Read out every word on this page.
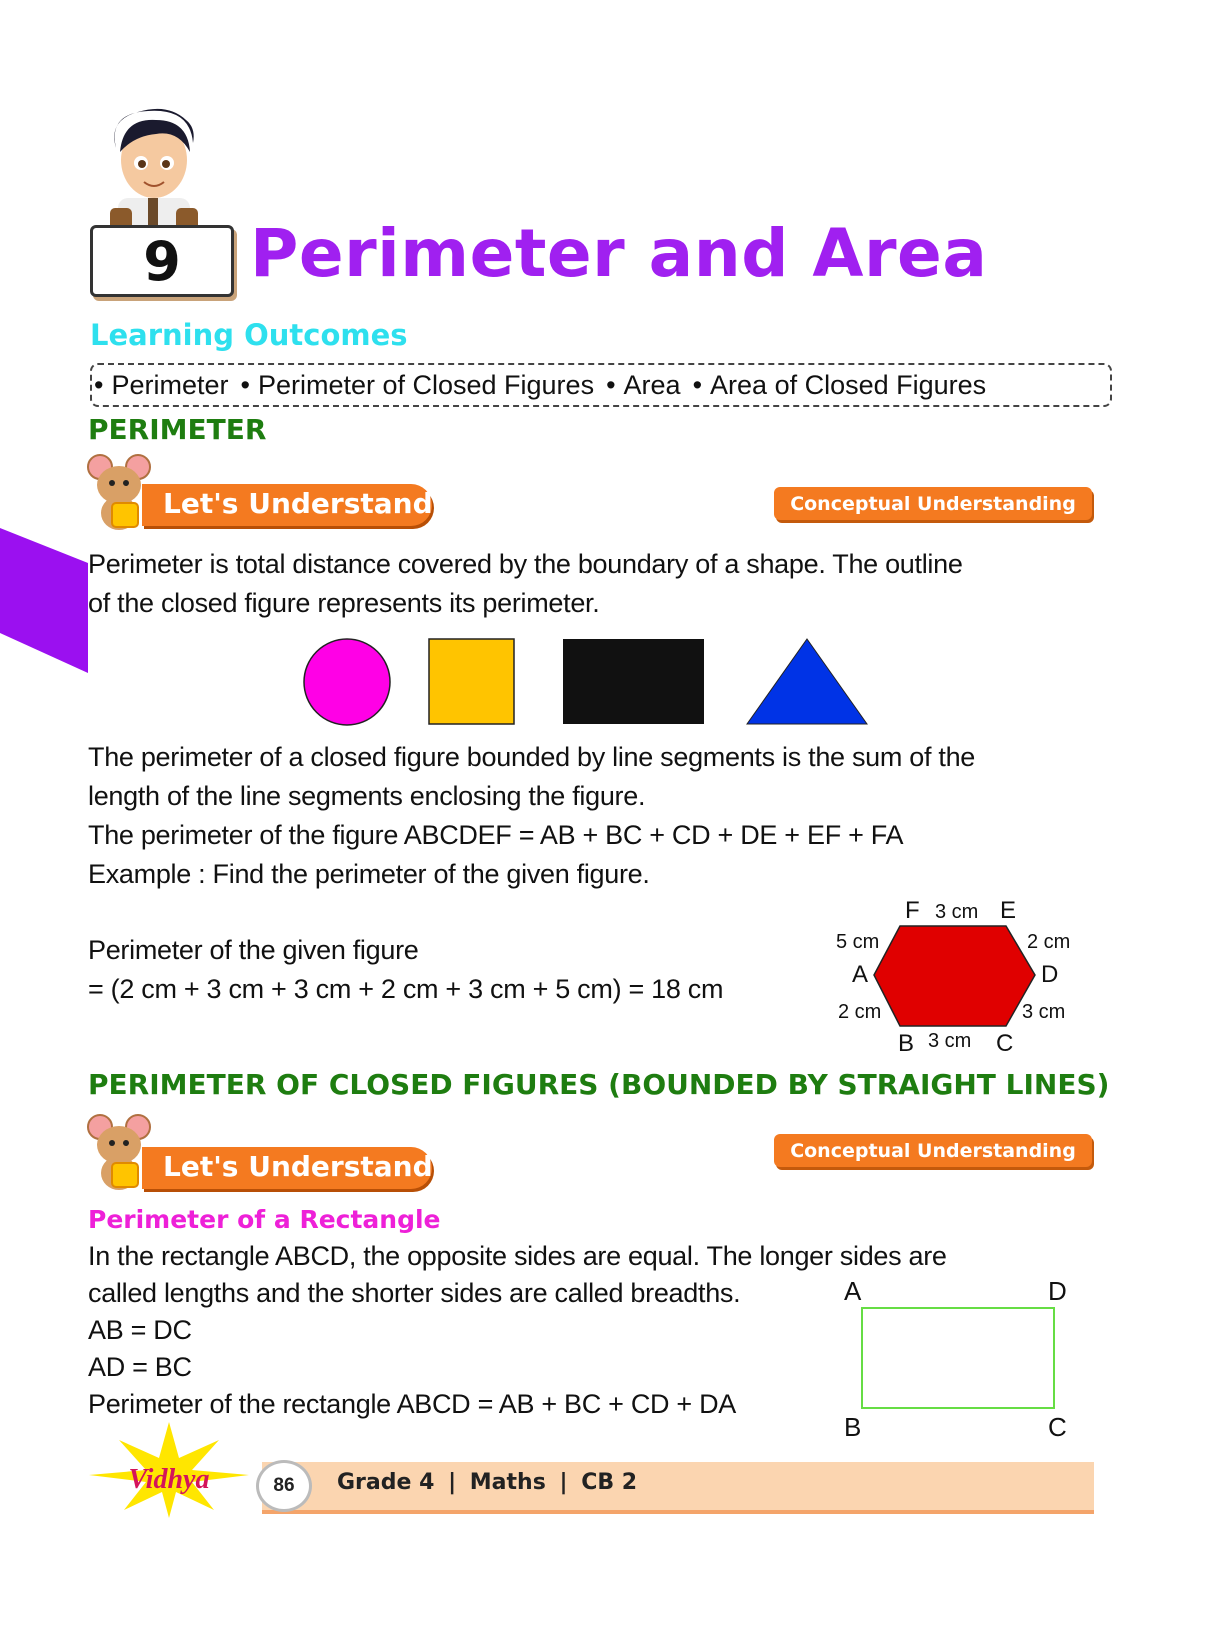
9 Perimeter and Area
Learning Outcomes
• Perimeter	• Perimeter of Closed Figures	• Area	• Area of Closed Figures
PERIMETER
Let's Understand	Conceptual Understanding

Perimeter is total distance covered by the boundary of a shape. The outline

of the closed figure represents its perimeter.

The perimeter of a closed figure bounded by line segments is the sum of the

length of the line segments enclosing the figure.

The perimeter of the figure ABCDEF = AB + BC + CD + DE + EF + FA

Example : Find the perimeter of the given figure.

Perimeter of the given figure

= (2 cm + 3 cm + 3 cm + 2 cm + 3 cm + 5 cm) = 18 cm

F	E
D
C
B
A
3 cm
2 cm
3 cm
3 cm
2 cm
5 cm
PERIMETER OF CLOSED FIGURES (BOUNDED BY STRAIGHT LINES)
Let's Understand	Conceptual Understanding
Perimeter of a Rectangle

In the rectangle ABCD, the opposite sides are equal. The longer sides are

called lengths and the shorter sides are called breadths.

AB = DC

AD = BC

Perimeter of the rectangle ABCD = AB + BC + CD + DA

A	D
B	C
Vidhya	86	Grade 4 | Maths | CB 2
